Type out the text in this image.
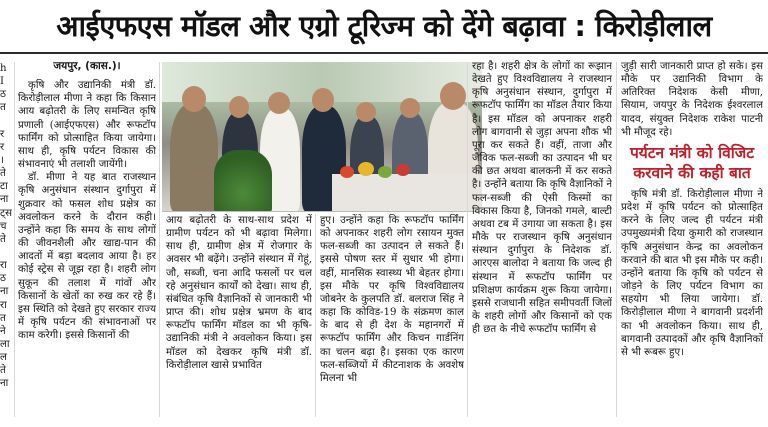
आईएफएस मॉडल और एग्रो टूरिज्म को देंगे बढ़ावा : किरोड़ीलाल
h
I
ठ
त
र
र
।
ते
टा
ना
ट्स
च
ते
रा
ठ
ना
रा
त
ने
ला
ल
ते
ना
जयपुर, (कास.)।

कृषि और उद्यानिकी मंत्री डॉ. किरोड़ीलाल मीणा ने कहा कि किसान आय बढ़ोतरी के लिए समन्वित कृषि प्रणाली (आईएफएस) और रूफटॉप फार्मिंग को प्रोत्साहित किया जायेगा। साथ ही, कृषि पर्यटन विकास की संभावनाएं भी तलाशी जायेंगी।

डॉ. मीणा ने यह बात राजस्थान कृषि अनुसंधान संस्थान दुर्गापुरा में शुक्रवार को फसल शोध प्रक्षेत्र का अवलोकन करने के दौरान कही। उन्होंने कहा कि समय के साथ लोगों की जीवनशैली और खाद्य-पान की आदतों में बड़ा बदलाव आया है। हर कोई स्ट्रेस से जूझ रहा है। शहरी लोग सुकून की तलाश में गांवों और किसानों के खेतों का रुख कर रहे हैं। इस स्थिति को देखते हुए सरकार राज्य में कृषि पर्यटन की संभावनाओं पर काम करेगी। इससे किसानों की

आय बढ़ोतरी के साथ-साथ प्रदेश में ग्रामीण पर्यटन को भी बढ़ावा मिलेगा। साथ ही, ग्रामीण क्षेत्र में रोजगार के अवसर भी बढ़ेंगे। उन्होंने संस्थान में गेहूं, जौ, सब्जी, चना आदि फसलों पर चल रहे अनुसंधान कार्यों को देखा। साथ ही, संबंधित कृषि वैज्ञानिकों से जानकारी भी प्राप्त की। शोध प्रक्षेत्र भ्रमण के बाद रूफटॉप फार्मिंग मॉडल का भी कृषि-उद्यानिकी मंत्री ने अवलोकन किया। इस मॉडल को देखकर कृषि मंत्री डॉ. किरोड़ीलाल खासे प्रभावित

हुए। उन्होंने कहा कि रूफटॉप फार्मिंग को अपनाकर शहरी लोग रसायन मुक्त फल-सब्जी का उत्पादन ले सकते हैं। इससे पोषण स्तर में सुधार भी होगा। वहीं, मानसिक स्वास्थ्य भी बेहतर होगा। इस मौके पर कृषि विश्वविद्यालय जोबनेर के कुलपति डॉ. बलराज सिंह ने कहा कि कोविड-19 के संक्रमण काल के बाद से ही देश के महानगरों में रूफटॉप फार्मिंग और किचन गार्डनिंग का चलन बढ़ा है। इसका एक कारण फल-सब्जियों में कीटनाशक के अवशेष मिलना भी

रहा है। शहरी क्षेत्र के लोगों का रूझान देखते हुए विश्वविद्यालय ने राजस्थान कृषि अनुसंधान संस्थान, दुर्गापुरा में रूफटॉप फार्मिंग का मॉडल तैयार किया है। इस मॉडल को अपनाकर शहरी लोग बागवानी से जुड़ा अपना शौक भी पूरा कर सकते हैं। वहीं, ताजा और जैविक फल-सब्जी का उत्पादन भी घर की छत अथवा बालकनी में कर सकते है। उन्होंने बताया कि कृषि वैज्ञानिकों ने फल-सब्जी की ऐसी किस्मों का विकास किया है, जिनको गमले, बाल्टी अथवा टब में उगाया जा सकता है। इस मौके पर राजस्थान कृषि अनुसंधान संस्थान दुर्गापुरा के निदेशक डॉ. आरएस बालोदा ने बताया कि जल्द ही संस्थान में रूफटॉप फार्मिंग पर प्रशिक्षण कार्यक्रम शुरू किया जायेगा। इससे राजधानी सहित समीपवर्ती जिलों के शहरी लोगों और किसानों को एक ही छत के नीचे रूफटॉप फार्मिंग से

जुड़ी सारी जानकारी प्राप्त हो सके। इस मौके पर उद्यानिकी विभाग के अतिरिक्त निदेशक केसी मीणा, सियाम, जयपुर के निदेशक ईश्वरलाल यादव, संयुक्त निदेशक राकेश पाटनी भी मौजूद रहे।

पर्यटन मंत्री को विजिट करवाने की कही बात

कृषि मंत्री डॉ. किरोड़ीलाल मीणा ने प्रदेश में कृषि पर्यटन को प्रोत्साहित करने के लिए जल्द ही पर्यटन मंत्री उपमुख्यमंत्री दिया कुमारी को राजस्थान कृषि अनुसंधान केन्द्र का अवलोकन करवाने की बात भी इस मौके पर कही। उन्होंने बताया कि कृषि को पर्यटन से जोड़ने के लिए पर्यटन विभाग का सहयोग भी लिया जायेगा। डॉ. किरोड़ीलाल मीणा ने बागवानी प्रदर्शनी का भी अवलोकन किया। साथ ही, बागवानी उत्पादकों और कृषि वैज्ञानिकों से भी रूबरू हुए।
